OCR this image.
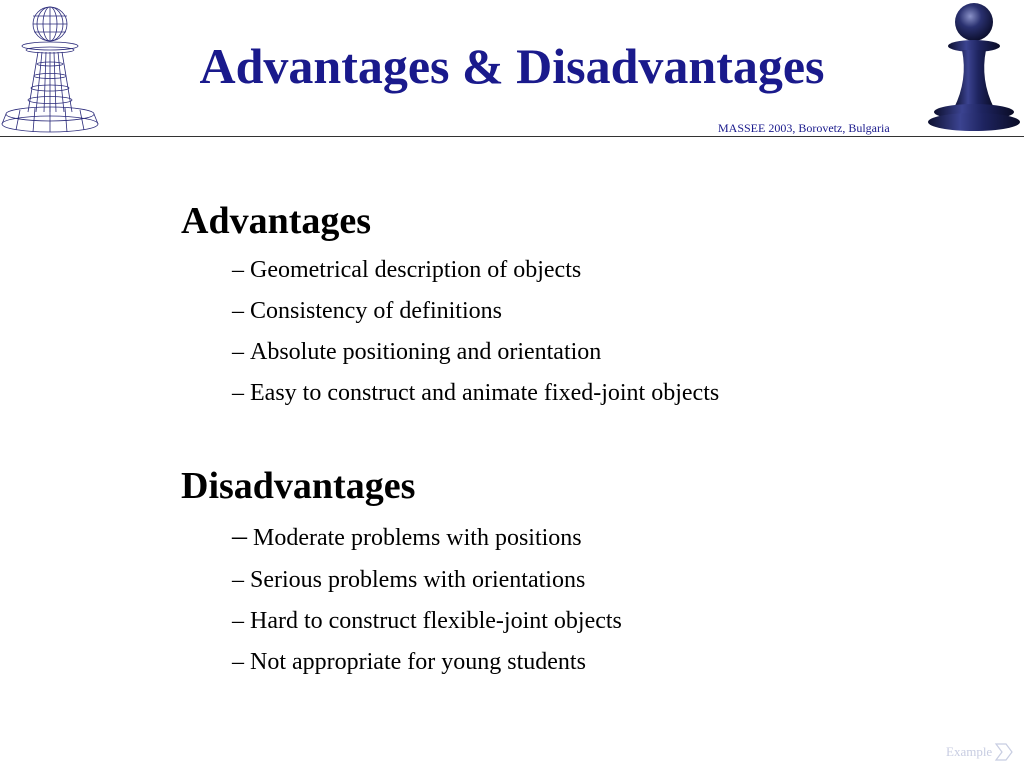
Advantages & Disadvantages
MASSEE 2003, Borovetz, Bulgaria
Advantages
– Geometrical description of objects
– Consistency of definitions
– Absolute positioning and orientation
– Easy to construct and animate fixed-joint objects
Disadvantages
– Moderate problems with positions
– Serious problems with orientations
– Hard to construct flexible-joint objects
– Not appropriate for young students
Example
